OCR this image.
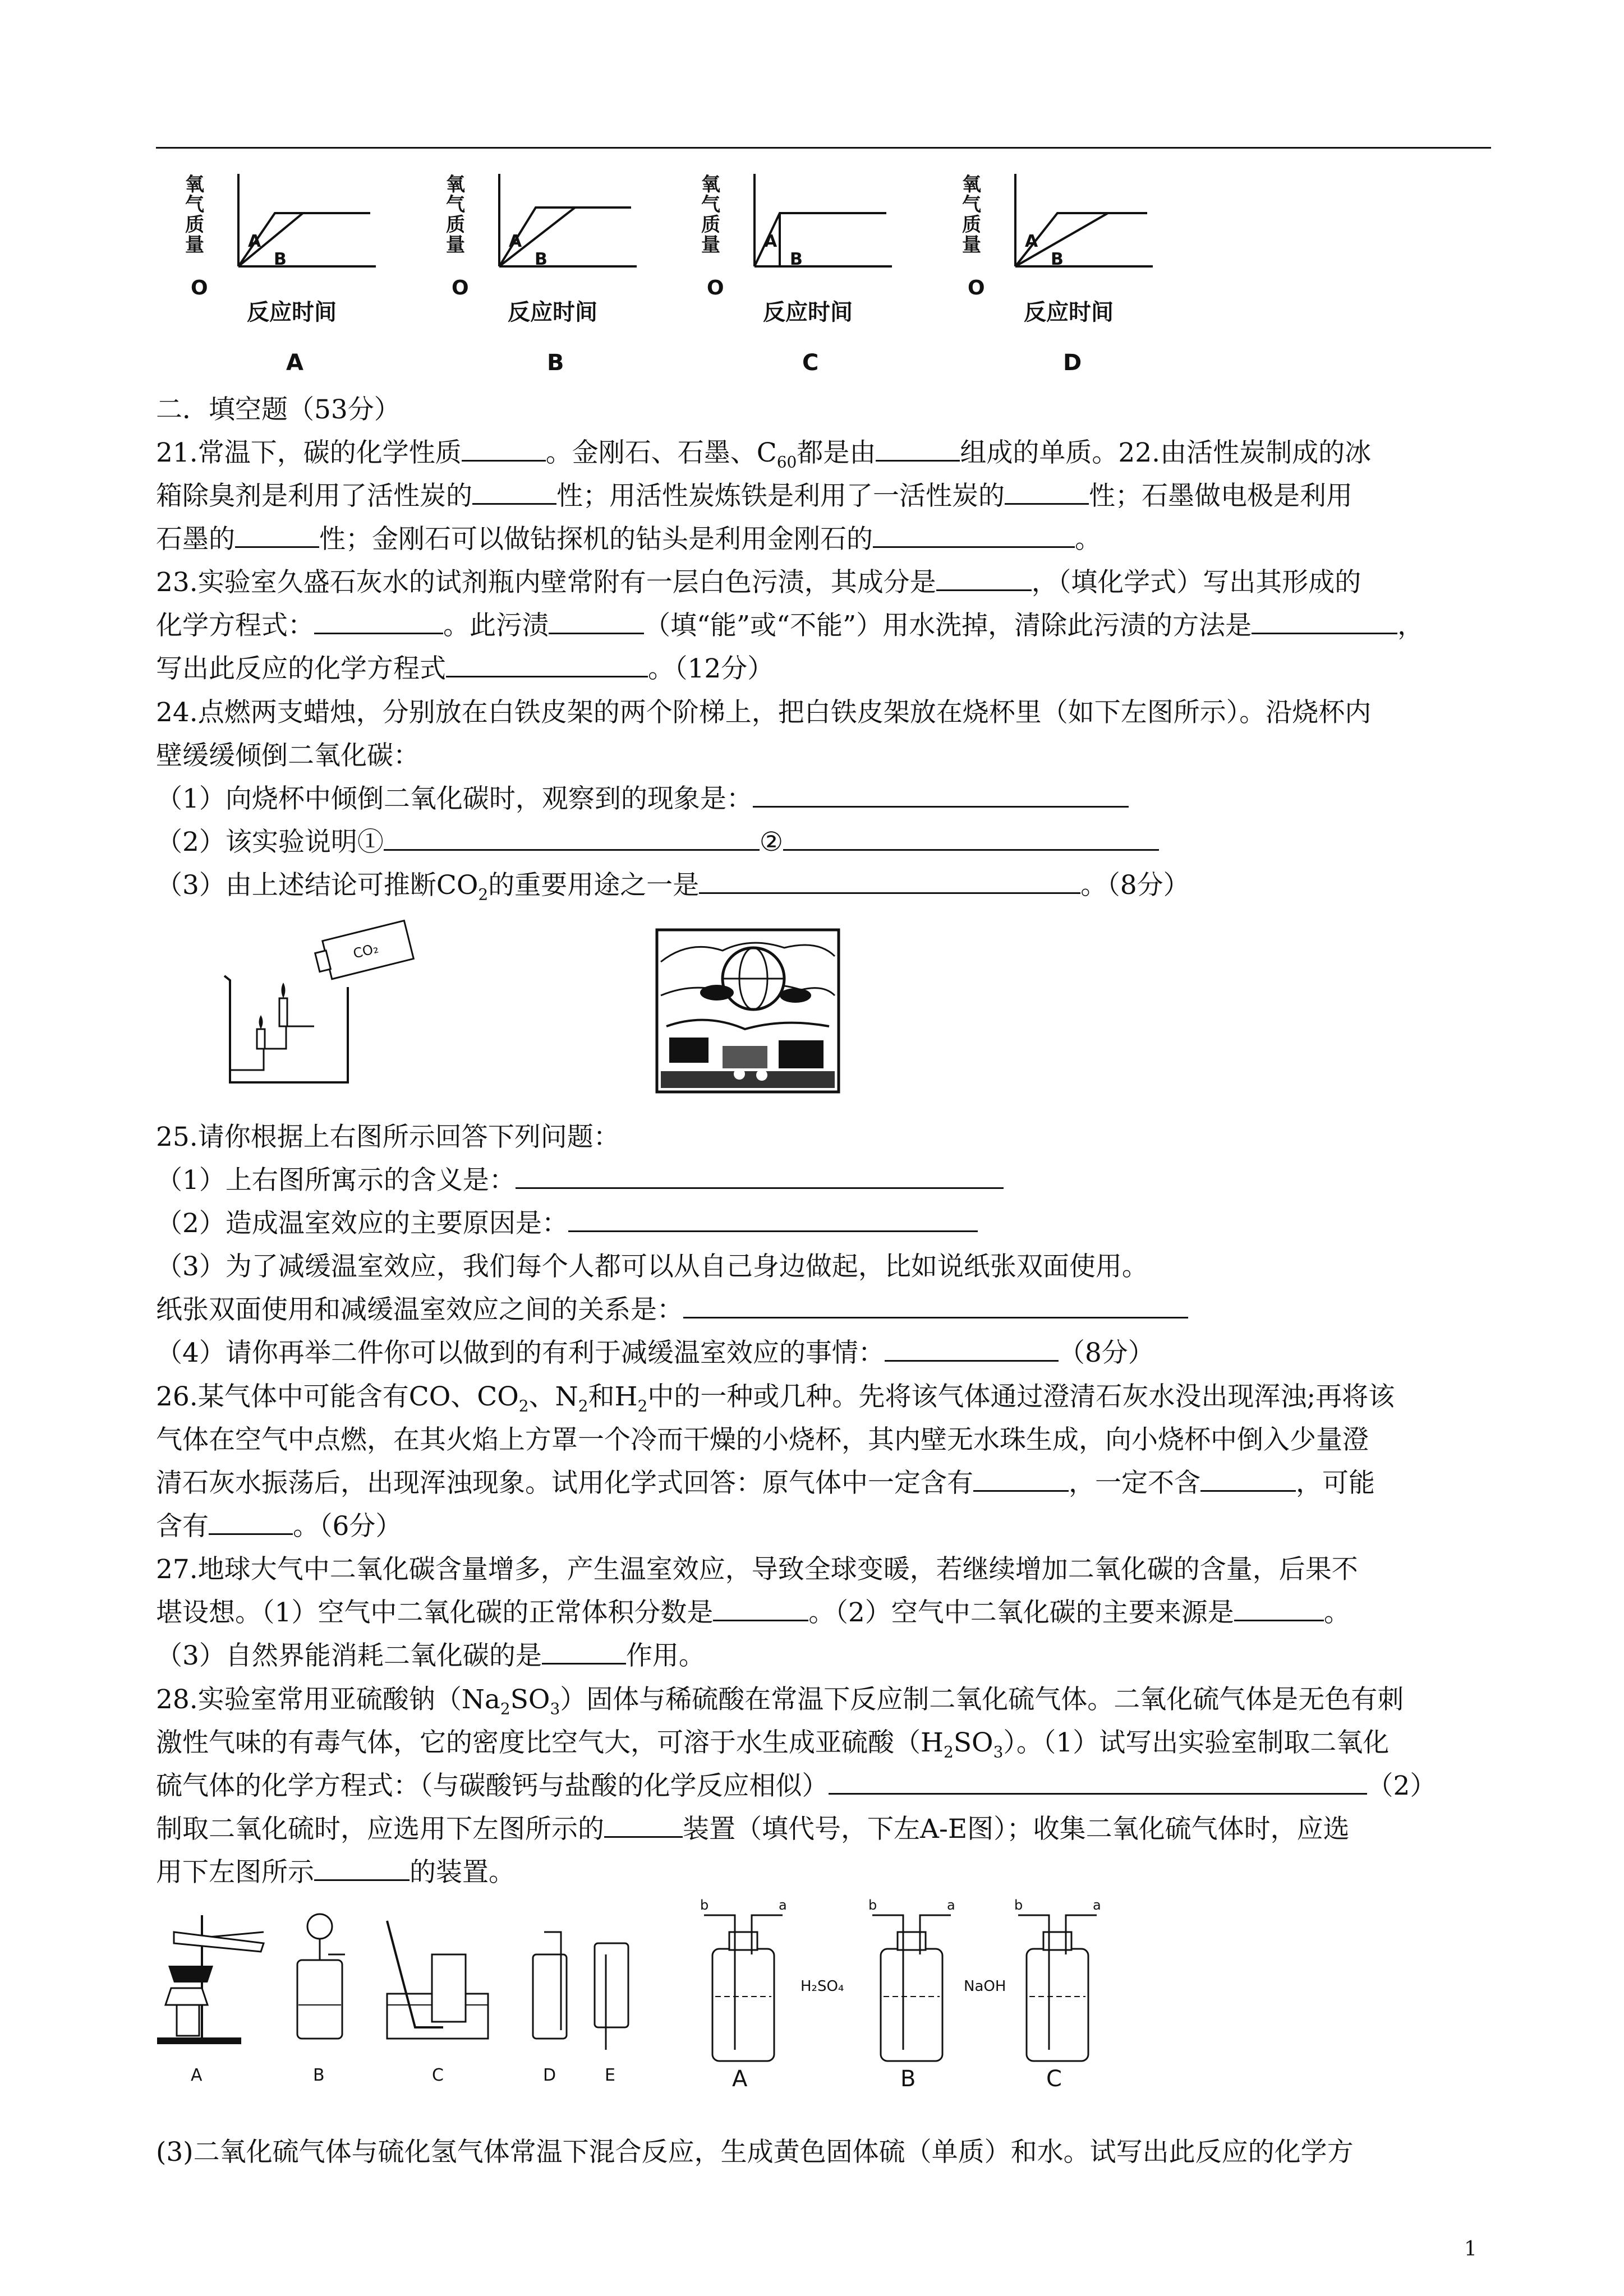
氧
气
质
量
O
反应时间
A
B
A
氧
气
质
量
O
反应时间
A
B
B
氧
气
质
量
O
反应时间
A
B
C
氧
气
质
量
O
反应时间
A
B
D
二．填空题（53分）
21.常温下，碳的化学性质	。金刚石、石墨、$C_{60}$都是由	组成的单质。22.由活性炭制成的冰
箱除臭剂是利用了活性炭的	性；用活性炭炼铁是利用了一活性炭的	性；石墨做电极是利用
石墨的	性；金刚石可以做钻探机的钻头是利用金刚石的	。
23.实验室久盛石灰水的试剂瓶内壁常附有一层白色污渍，其成分是	，（填化学式）写出其形成的
化学方程式：	。此污渍	（填“能”或“不能”）用水洗掉，清除此污渍的方法是	，
写出此反应的化学方程式	。（12分）
24.点燃两支蜡烛，分别放在白铁皮架的两个阶梯上，把白铁皮架放在烧杯里（如下左图所示）。沿烧杯内
壁缓缓倾倒二氧化碳：
（1）向烧杯中倾倒二氧化碳时，观察到的现象是：
（2）该实验说明①	②
（3）由上述结论可推断$CO_2$的重要用途之一是	。（8分）
CO₂
25.请你根据上右图所示回答下列问题：
（1）上右图所寓示的含义是：
（2）造成温室效应的主要原因是：
（3）为了减缓温室效应，我们每个人都可以从自己身边做起，比如说纸张双面使用。
纸张双面使用和减缓温室效应之间的关系是：
（4）请你再举二件你可以做到的有利于减缓温室效应的事情：	（8分）
26.某气体中可能含有CO、$CO_2$、$N_2$和$H_2$中的一种或几种。先将该气体通过澄清石灰水没出现浑浊;再将该
气体在空气中点燃，在其火焰上方罩一个冷而干燥的小烧杯，其内壁无水珠生成，向小烧杯中倒入少量澄
清石灰水振荡后，出现浑浊现象。试用化学式回答：原气体中一定含有	，一定不含	，可能
含有	。（6分）
27.地球大气中二氧化碳含量增多，产生温室效应，导致全球变暖，若继续增加二氧化碳的含量，后果不
堪设想。（1）空气中二氧化碳的正常体积分数是	。（2）空气中二氧化碳的主要来源是	。
（3）自然界能消耗二氧化碳的是	作用。
28.实验室常用亚硫酸钠$(Na_2SO_3)$固体与稀硫酸在常温下反应制二氧化硫气体。二氧化硫气体是无色有刺
激性气味的有毒气体，它的密度比空气大，可溶于水生成亚硫酸$(H_2SO_3)$。（1）试写出实验室制取二氧化
硫气体的化学方程式：（与碳酸钙与盐酸的化学反应相似）	（2）
制取二氧化硫时，应选用下左图所示的	装置（填代号，下左A-E图）；收集二氧化硫气体时，应选
用下左图所示	的装置。
b	a	b	a	b	a
H₂SO₄	NaOH
A	B	C	D	E	A	B	C
(3)二氧化硫气体与硫化氢气体常温下混合反应，生成黄色固体硫（单质）和水。试写出此反应的化学方
1
